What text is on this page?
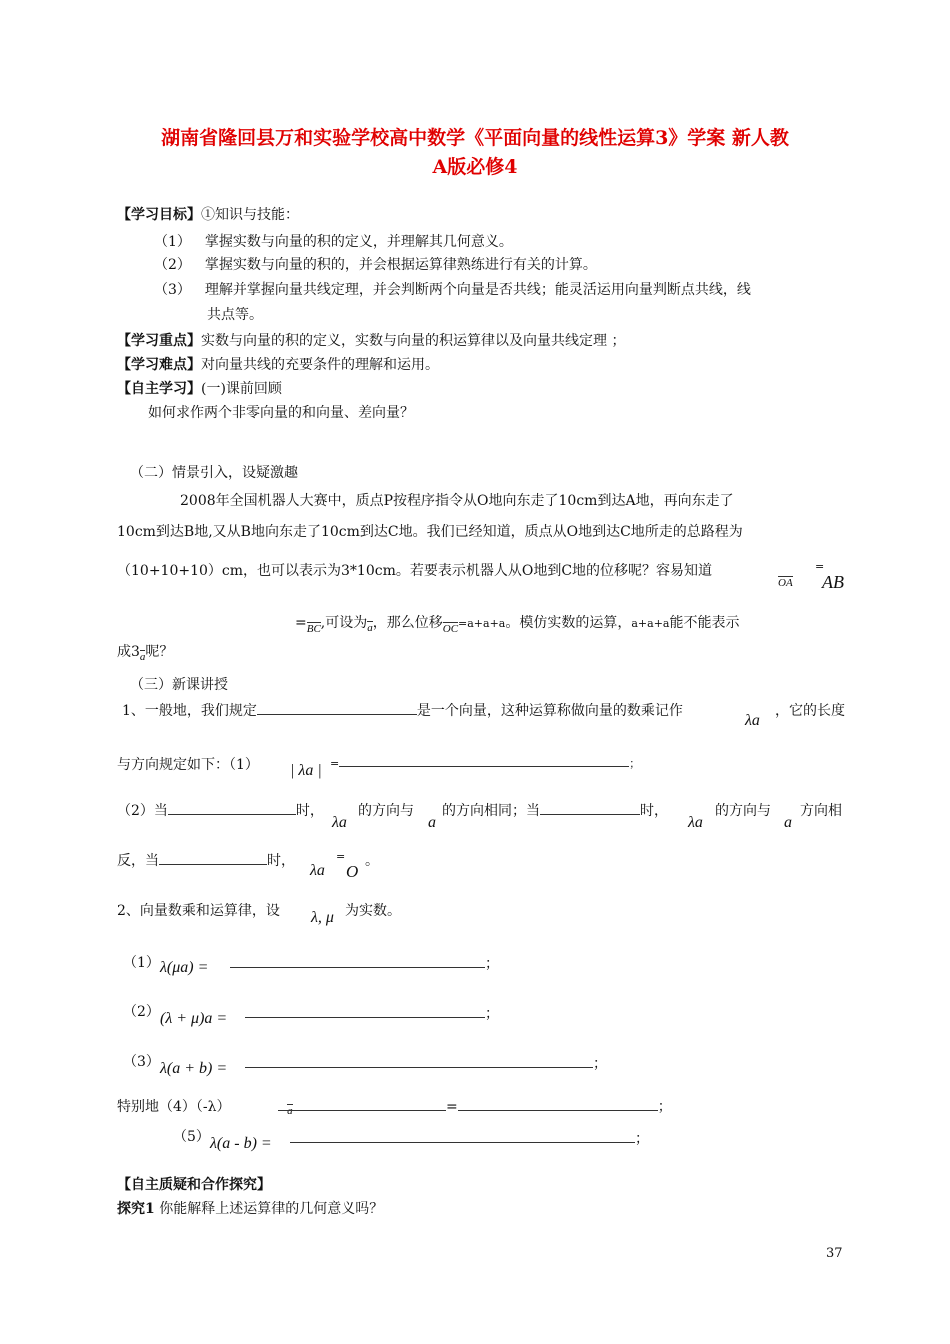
湖南省隆回县万和实验学校高中数学《平面向量的线性运算3》学案 新人教
A版必修4
【学习目标】①知识与技能：
（1） 掌握实数与向量的积的定义，并理解其几何意义。
（2） 掌握实数与向量的积的，并会根据运算律熟练进行有关的计算。
（3） 理解并掌握向量共线定理，并会判断两个向量是否共线；能灵活运用向量判断点共线，线
共点等。
【学习重点】实数与向量的积的定义，实数与向量的积运算律以及向量共线定理 ；
【学习难点】对向量共线的充要条件的理解和运用。
【自主学习】(一)课前回顾
如何求作两个非零向量的和向量、差向量？
（二）情景引入，设疑激趣
2008年全国机器人大赛中，质点P按程序指令从O地向东走了10cm到达A地，再向东走了
10cm到达B地,又从B地向东走了10cm到达C地。我们已经知道，质点从O地到达C地所走的总路程为
（10+10+10）cm，也可以表示为3*10cm。若要表示机器人从O地到C地的位移呢？容易知道
OA
=
AB
=BC,可设为a，那么位移OC=a+a+a。模仿实数的运算，a+a+a能不能表示
成3a呢？
（三）新课讲授
1、一般地，我们规定	是一个向量，这种运算称做向量的数乘记作
λa
，它的长度
与方向规定如下：（1） | λa | =	；
（2）当	时，
λa
的方向与
a
的方向相同；当	时，
λa
的方向与
a
方向相
反，当	时，
λa
=
O
。
2、向量数乘和运算律，设 λ, μ 为实数。
（1） λ(μa) =	；
（2） (λ + μ)a =	；
（3） λ(a + b) =	；
特别地（4）（-λ）	a	=	；
（5） λ(a - b) =	；
【自主质疑和合作探究】
探究1 你能解释上述运算律的几何意义吗？
37
